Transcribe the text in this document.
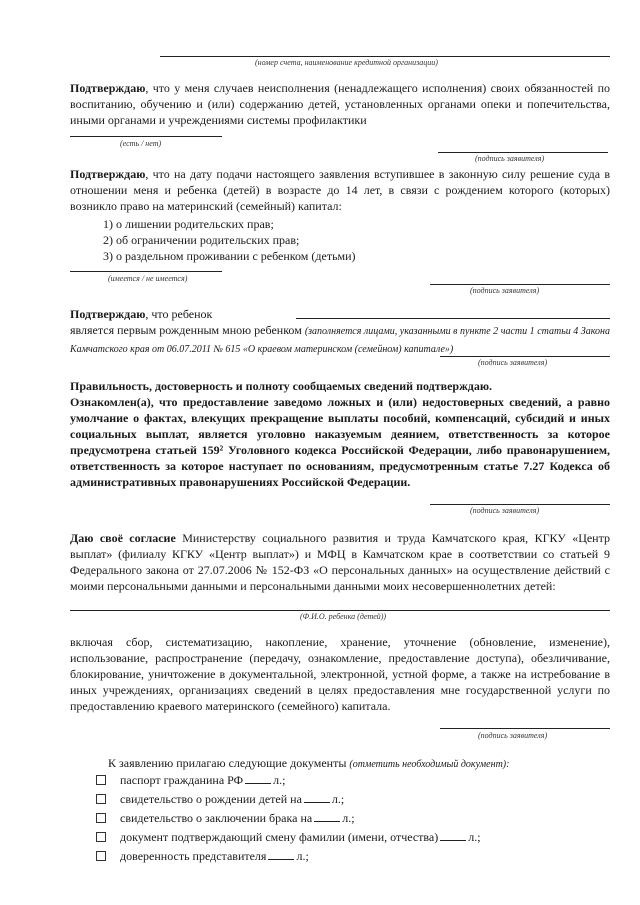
(номер счета, наименование кредитной организации)
Подтверждаю, что у меня случаев неисполнения (ненадлежащего исполнения) своих обязанностей по воспитанию, обучению и (или) содержанию детей, установленных органами опеки и попечительства, иными органами и учреждениями системы профилактики
(есть / нет)
(подпись заявителя)
Подтверждаю, что на дату подачи настоящего заявления вступившее в законную силу решение суда в отношении меня и ребенка (детей) в возрасте до 14 лет, в связи с рождением которого (которых) возникло право на материнский (семейный) капитал:
1) о лишении родительских прав;
2) об ограничении родительских прав;
3) о раздельном проживании с ребенком (детьми)
(имеется / не имеется)
(подпись заявителя)
Подтверждаю, что ребенок
является первым рожденным мною ребенком (заполняется лицами, указанными в пункте 2 части 1 статьи 4 Закона Камчатского края от 06.07.2011 № 615 «О краевом материнском (семейном) капитале»)
(подпись заявителя)
Правильность, достоверность и полноту сообщаемых сведений подтверждаю.
Ознакомлен(а), что предоставление заведомо ложных и (или) недостоверных сведений, а равно умолчание о фактах, влекущих прекращение выплаты пособий, компенсаций, субсидий и иных социальных выплат, является уголовно наказуемым деянием, ответственность за которое предусмотрена статьей 159² Уголовного кодекса Российской Федерации, либо правонарушением, ответственность за которое наступает по основаниям, предусмотренным статье 7.27 Кодекса об административных правонарушениях Российской Федерации.
(подпись заявителя)
Даю своё согласие Министерству социального развития и труда Камчатского края, КГКУ «Центр выплат» (филиалу КГКУ «Центр выплат») и МФЦ в Камчатском крае в соответствии со статьей 9 Федерального закона от 27.07.2006 № 152-ФЗ «О персональных данных» на осуществление действий с моими персональными данными и персональными данными моих несовершеннолетних детей:
(Ф.И.О. ребенка (детей))
включая сбор, систематизацию, накопление, хранение, уточнение (обновление, изменение), использование, распространение (передачу, ознакомление, предоставление доступа), обезличивание, блокирование, уничтожение в документальной, электронной, устной форме, а также на истребование в иных учреждениях, организациях сведений в целях предоставления мне государственной услуги по предоставлению краевого материнского (семейного) капитала.
(подпись заявителя)
К заявлению прилагаю следующие документы (отметить необходимый документ):
паспорт гражданина РФ	л.;
свидетельство о рождении детей на	л.;
свидетельство о заключении брака на	л.;
документ подтверждающий смену фамилии (имени, отчества)	л.;
доверенность представителя	л.;
